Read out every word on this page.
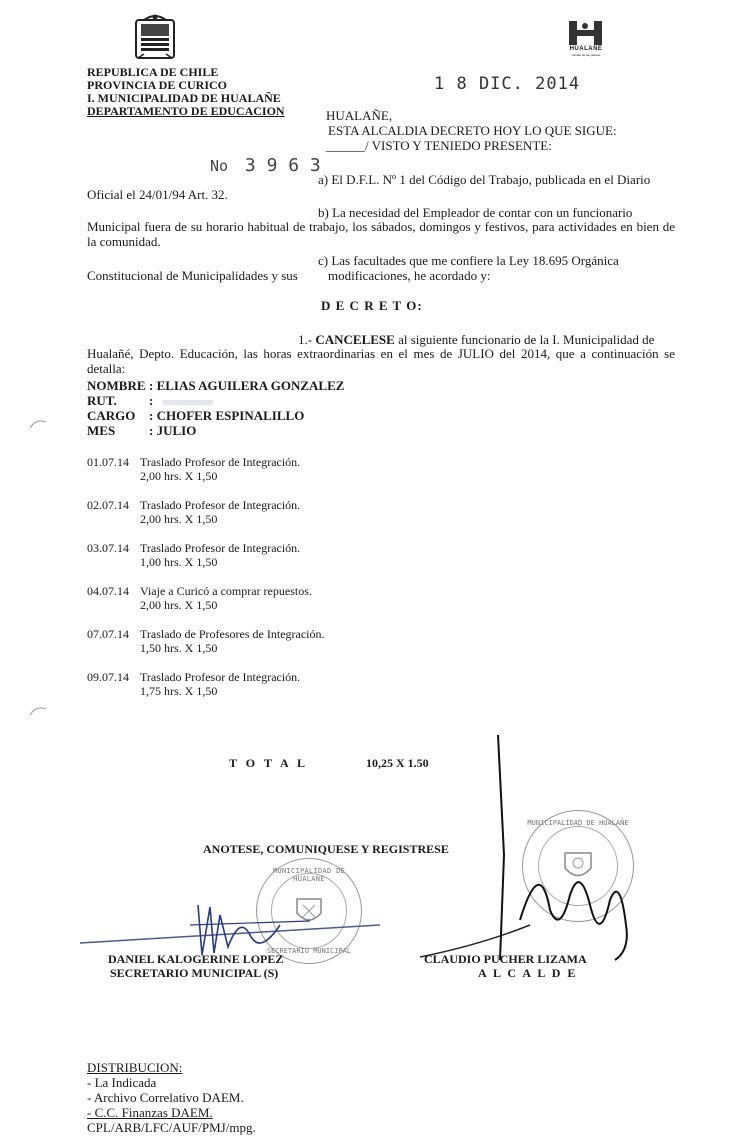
HUALAÑE
Ciudad de las palmas
REPUBLICA DE CHILE
PROVINCIA DE CURICO
I. MUNICIPALIDAD DE HUALAÑE
DEPARTAMENTO DE EDUCACION
1 8 DIC. 2014
No 3 9 6 3
HUALAÑE,
ESTA ALCALDIA DECRETO HOY LO QUE SIGUE:
______/ VISTO Y TENIEDO PRESENTE:
a) El D.F.L. Nº 1 del Código del Trabajo, publicada en el Diario
Oficial el 24/01/94 Art. 32.
b) La necesidad del Empleador de contar con un funcionario
Municipal fuera de su horario habitual de trabajo, los sábados, domingos y festivos, para actividades en bien de la comunidad.
c) Las facultades que me confiere la Ley 18.695 Orgánica
Constitucional de Municipalidades y sus modificaciones, he acordado y:
D E C R E T O:
1.- CANCELESE al siguiente funcionario de la I. Municipalidad de
Hualañé, Depto. Educación, las horas extraordinarias en el mes de JULIO del 2014, que a continuación se detalla:
NOMBRE : ELIAS AGUILERA GONZALEZ
RUT. :
CARGO : CHOFER ESPINALILLO
MES	: JULIO
01.07.14 Traslado Profesor de Integración.
2,00 hrs. X 1,50
02.07.14 Traslado Profesor de Integración.
2,00 hrs. X 1,50
03.07.14 Traslado Profesor de Integración.
1,00 hrs. X 1,50
04.07.14 Viaje a Curicó a comprar repuestos.
2,00 hrs. X 1,50
07.07.14 Traslado de Profesores de Integración.
1,50 hrs. X 1,50
09.07.14 Traslado Profesor de Integración.
1,75 hrs. X 1,50
T O T A L	10,25 X 1.50
ANOTESE, COMUNIQUESE Y REGISTRESE
MUNICIPALIDAD DE HUALAÑE
SECRETARIO MUNICIPAL
MUNICIPALIDAD DE HUALAÑE
DANIEL KALOGERINE LOPEZ
SECRETARIO MUNICIPAL (S)
CLAUDIO PUCHER LIZAMA
A L C A L D E
DISTRIBUCION:
- La Indicada
- Archivo Correlativo DAEM.
- C.C. Finanzas DAEM.
CPL/ARB/LFC/AUF/PMJ/mpg.
